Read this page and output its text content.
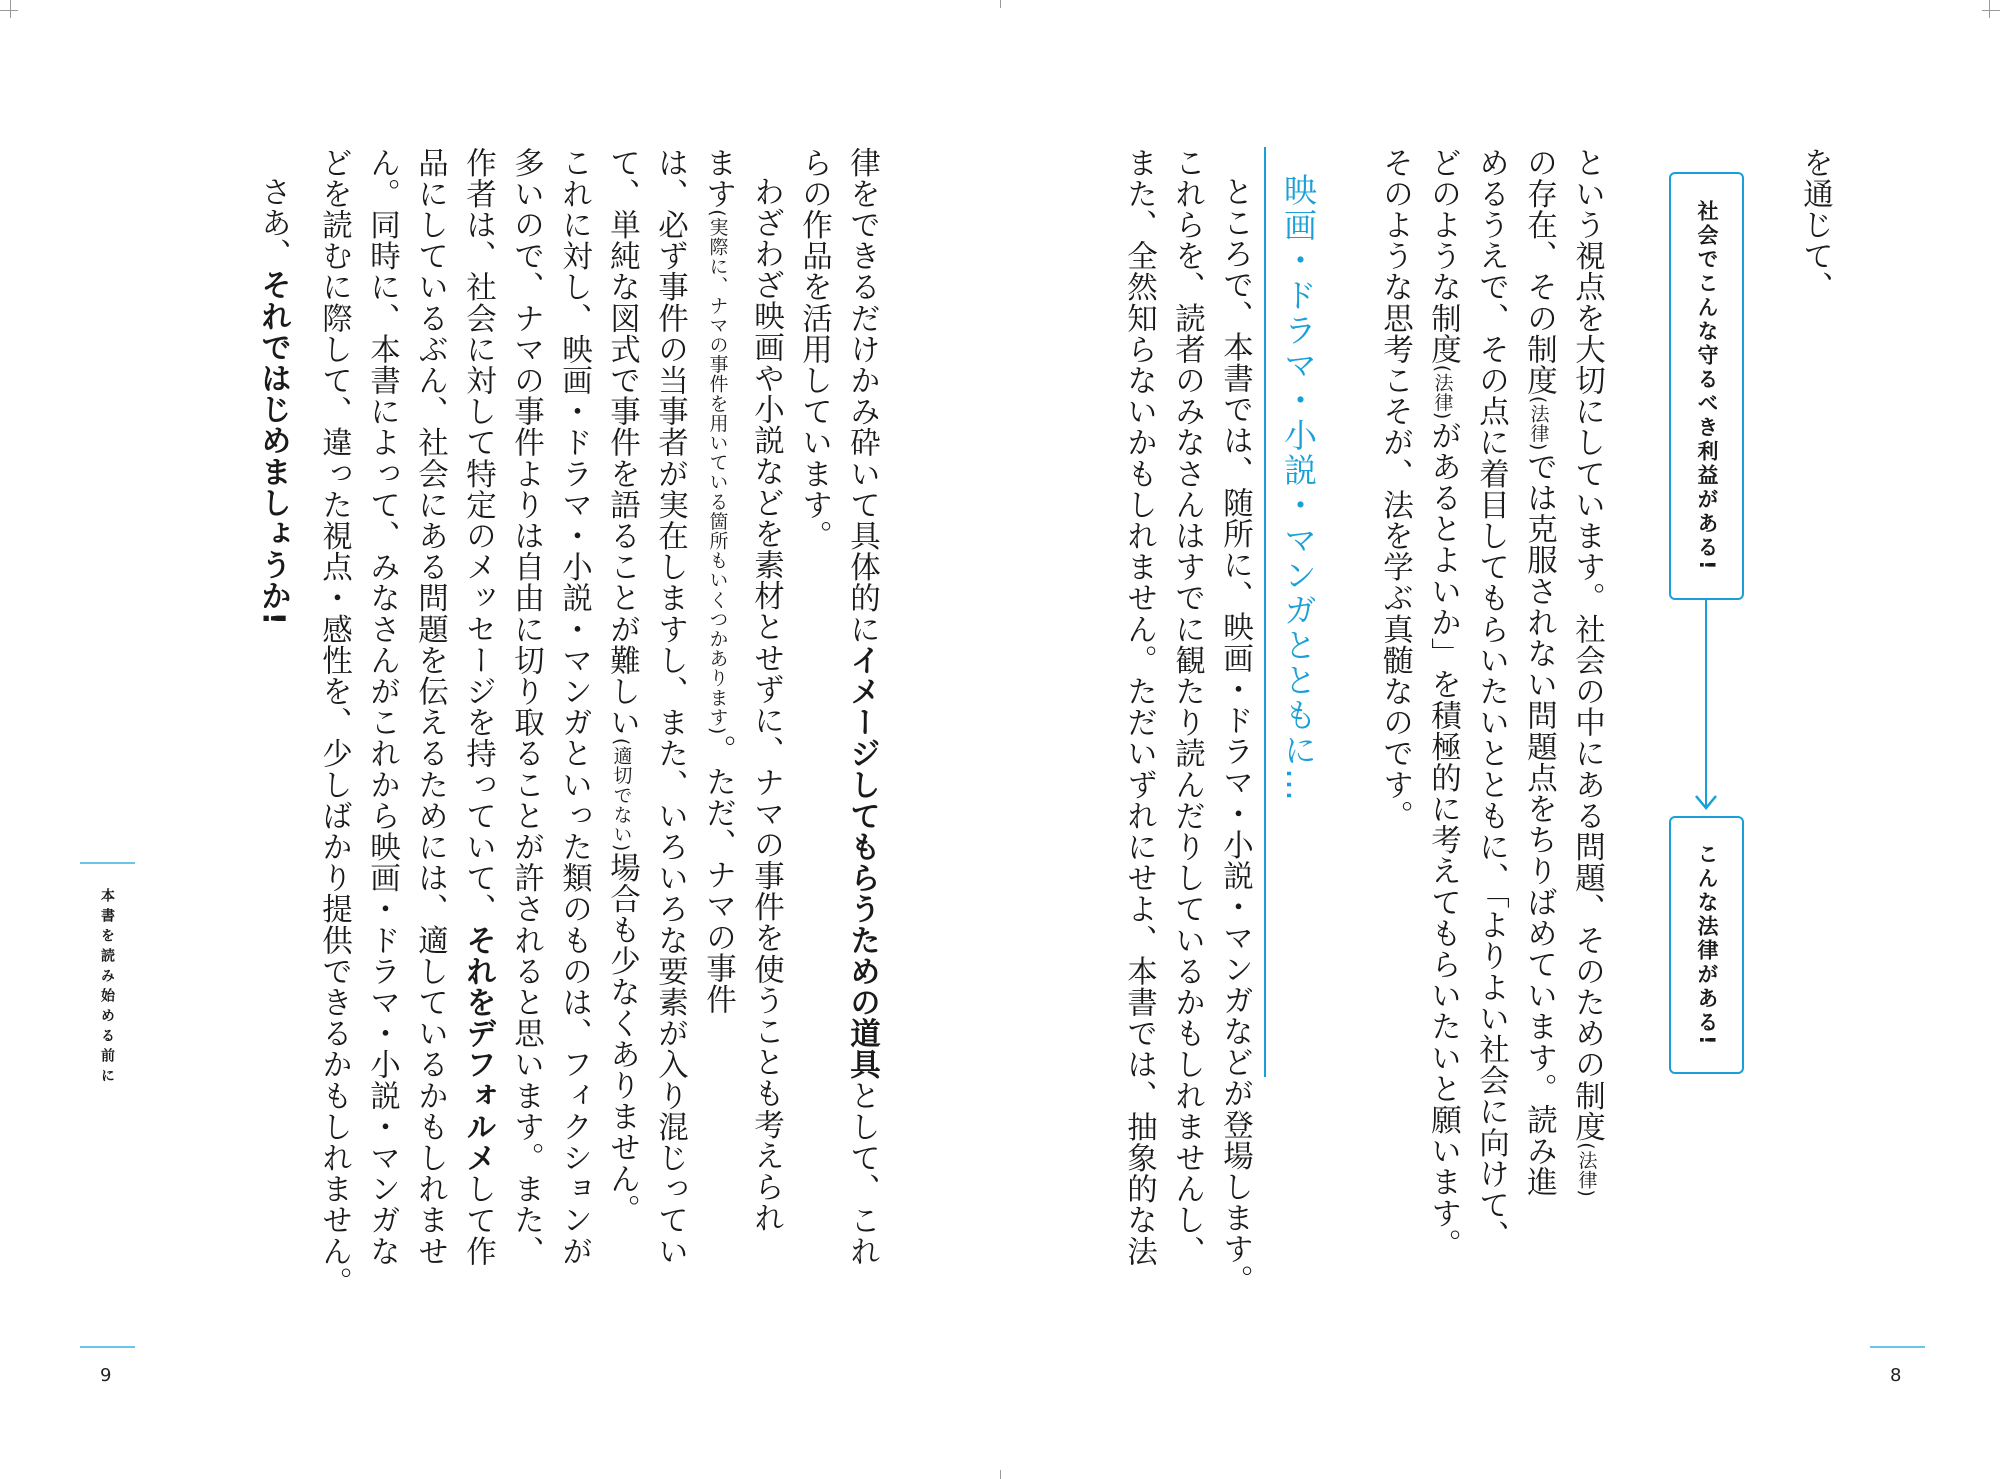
を通じて、
社会でこんな守るべき利益がある!
こんな法律がある!
という視点を大切にしています。社会の中にある問題、そのための制度(法律)
の存在、その制度(法律)では克服されない問題点をちりばめています。読み進
めるうえで、その点に着目してもらいたいとともに、「よりよい社会に向けて、
どのような制度(法律)があるとよいか」を積極的に考えてもらいたいと願います。
そのような思考こそが、法を学ぶ真髄なのです。
映画・ドラマ・小説・マンガとともに…
ところで、本書では、随所に、映画・ドラマ・小説・マンガなどが登場します。
これらを、読者のみなさんはすでに観たり読んだりしているかもしれませんし、
また、全然知らないかもしれません。ただいずれにせよ、本書では、抽象的な法
8
律をできるだけかみ砕いて具体的にイメージしてもらうための道具として、これ
らの作品を活用しています。
わざわざ映画や小説などを素材とせずに、ナマの事件を使うことも考えられ
ます(実際に、ナマの事件を用いている箇所もいくつかあります)。ただ、ナマの事件
は、必ず事件の当事者が実在しますし、また、いろいろな要素が入り混じってい
て、単純な図式で事件を語ることが難しい(適切でない)場合も少なくありません。
これに対し、映画・ドラマ・小説・マンガといった類のものは、フィクションが
多いので、ナマの事件よりは自由に切り取ることが許されると思います。また、
作者は、社会に対して特定のメッセージを持っていて、それをデフォルメして作
品にしているぶん、社会にある問題を伝えるためには、適しているかもしれませ
ん。同時に、本書によって、みなさんがこれから映画・ドラマ・小説・マンガな
どを読むに際して、違った視点・感性を、少しばかり提供できるかもしれません。
さあ、それではじめましょうか!
本書を読み始める前に
9
